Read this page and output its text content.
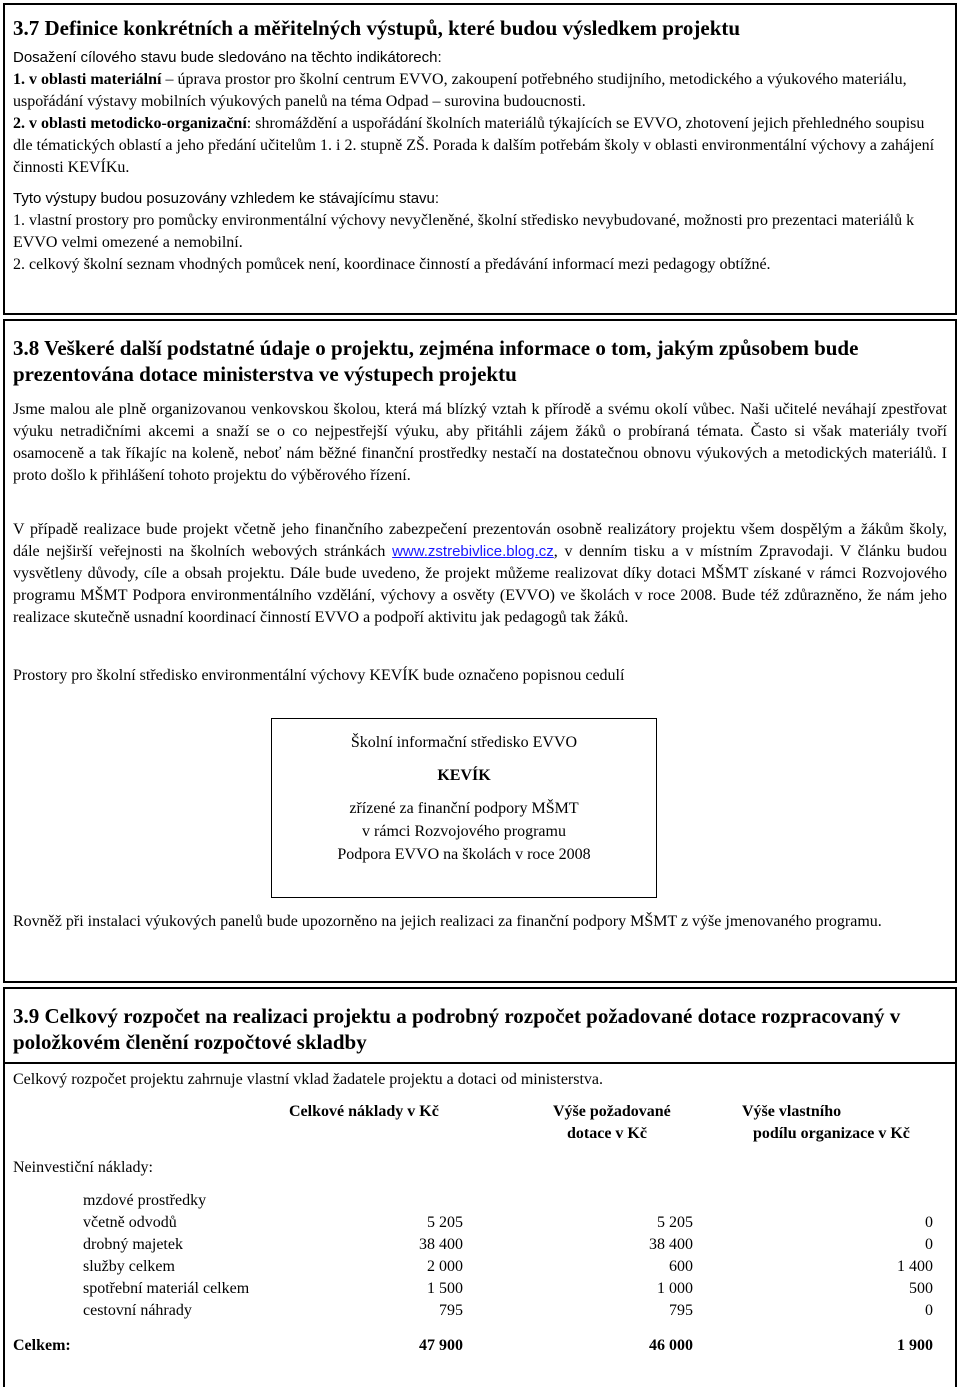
3.7 Definice konkrétních a měřitelných výstupů, které budou výsledkem projektu

Dosažení cílového stavu bude sledováno na těchto indikátorech:

1. v oblasti materiální – úprava prostor pro školní centrum EVVO, zakoupení potřebného studijního, metodického a výukového materiálu, uspořádání výstavy mobilních výukových panelů na téma Odpad – surovina budoucnosti.

2. v oblasti metodicko-organizační: shromáždění a uspořádání školních materiálů týkajících se EVVO, zhotovení jejich přehledného soupisu dle tématických oblastí a jeho předání učitelům 1. i 2. stupně ZŠ. Porada k dalším potřebám školy v oblasti environmentální výchovy a zahájení činnosti KEVÍKu.

Tyto výstupy budou posuzovány vzhledem ke stávajícímu stavu:

1. vlastní prostory pro pomůcky environmentální výchovy nevyčleněné, školní středisko nevybudované, možnosti pro prezentaci materiálů k EVVO velmi omezené a nemobilní.

2. celkový školní seznam vhodných pomůcek není, koordinace činností a předávání informací mezi pedagogy obtížné.

3.8 Veškeré další podstatné údaje o projektu, zejména informace o tom, jakým způsobem bude prezentována dotace ministerstva ve výstupech projektu

Jsme malou ale plně organizovanou venkovskou školou, která má blízký vztah k přírodě a svému okolí vůbec. Naši učitelé neváhají zpestřovat výuku netradičními akcemi a snaží se o co nejpestřejší výuku, aby přitáhli zájem žáků o probíraná témata. Často si však materiály tvoří osamoceně a tak říkajíc na koleně, neboť nám běžné finanční prostředky nestačí na dostatečnou obnovu výukových a metodických materiálů. I proto došlo k přihlášení tohoto projektu do výběrového řízení.

V případě realizace bude projekt včetně jeho finančního zabezpečení prezentován osobně realizátory projektu všem dospělým a žákům školy, dále nejširší veřejnosti na školních webových stránkách www.zstrebivlice.blog.cz, v denním tisku a v místním Zpravodaji. V článku budou vysvětleny důvody, cíle a obsah projektu. Dále bude uvedeno, že projekt můžeme realizovat díky dotaci MŠMT získané v rámci Rozvojového programu MŠMT Podpora environmentálního vzdělání, výchovy a osvěty (EVVO) ve školách v roce 2008. Bude též zdůrazněno, že nám jeho realizace skutečně usnadní koordinací činností EVVO a podpoří aktivitu jak pedagogů tak žáků.

Prostory pro školní středisko environmentální výchovy KEVÍK bude označeno popisnou cedulí

Školní informační středisko EVVO
KEVÍK
zřízené za finanční podpory MŠMT
v rámci Rozvojového programu
Podpora EVVO na školách v roce 2008

Rovněž při instalaci výukových panelů bude upozorněno na jejich realizaci za finanční podpory MŠMT z výše jmenovaného programu.

3.9 Celkový rozpočet na realizaci projektu a podrobný rozpočet požadované dotace rozpracovaný v položkovém členění rozpočtové skladby

Celkový rozpočet projektu zahrnuje vlastní vklad žadatele projektu a dotaci od ministerstva.

Celkové náklady v Kč	Výše požadované
dotace v Kč
Výše vlastního
podílu organizace v Kč
Neinvestiční náklady:
mzdové prostředky
včetně odvodů	5 205	5 205	0
drobný majetek	38 400	38 400	0
služby celkem	2 000	600	1 400
spotřební materiál celkem	1 500	1 000	500
cestovní náhrady	795	795	0
Celkem:	47 900	46 000	1 900
